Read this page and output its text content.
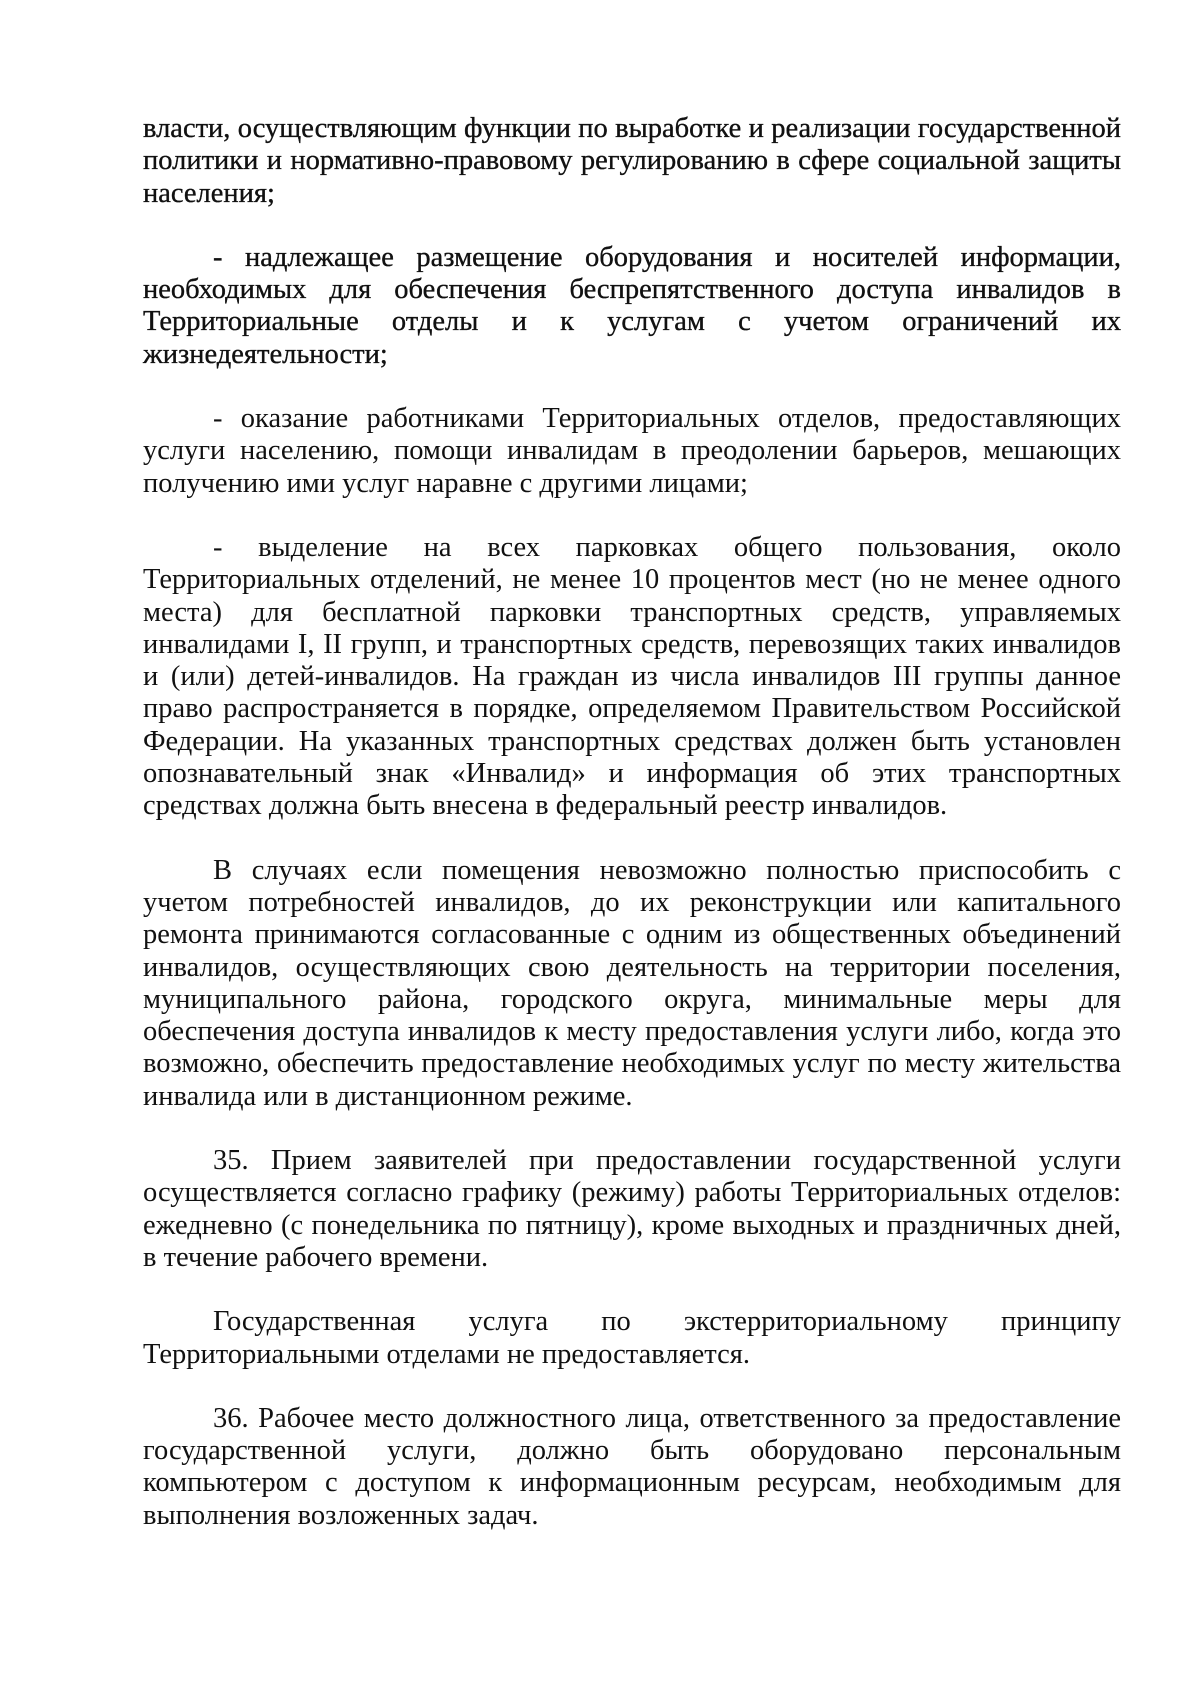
власти, осуществляющим функции по выработке и реализации государственной политики и нормативно-правовому регулированию в сфере социальной защиты населения;

- надлежащее размещение оборудования и носителей информации, необходимых для обеспечения беспрепятственного доступа инвалидов в Территориальные отделы и к услугам с учетом ограничений их жизнедеятельности;

- оказание работниками Территориальных отделов, предоставляющих услуги населению, помощи инвалидам в преодолении барьеров, мешающих получению ими услуг наравне с другими лицами;

- выделение на всех парковках общего пользования, около Территориальных отделений, не менее 10 процентов мест (но не менее одного места) для бесплатной парковки транспортных средств, управляемых инвалидами I, II групп, и транспортных средств, перевозящих таких инвалидов и (или) детей-инвалидов. На граждан из числа инвалидов III группы данное право распространяется в порядке, определяемом Правительством Российской Федерации. На указанных транспортных средствах должен быть установлен опознавательный знак «Инвалид» и информация об этих транспортных средствах должна быть внесена в федеральный реестр инвалидов.

В случаях если помещения невозможно полностью приспособить с учетом потребностей инвалидов, до их реконструкции или капитального ремонта принимаются согласованные с одним из общественных объединений инвалидов, осуществляющих свою деятельность на территории поселения, муниципального района, городского округа, минимальные меры для обеспечения доступа инвалидов к месту предоставления услуги либо, когда это возможно, обеспечить предоставление необходимых услуг по месту жительства инвалида или в дистанционном режиме.

35. Прием заявителей при предоставлении государственной услуги осуществляется согласно графику (режиму) работы Территориальных отделов: ежедневно (с понедельника по пятницу), кроме выходных и праздничных дней, в течение рабочего времени.

Государственная услуга по экстерриториальному принципу Территориальными отделами не предоставляется.

36. Рабочее место должностного лица, ответственного за предоставление государственной услуги, должно быть оборудовано персональным компьютером с доступом к информационным ресурсам, необходимым для выполнения возложенных задач.
